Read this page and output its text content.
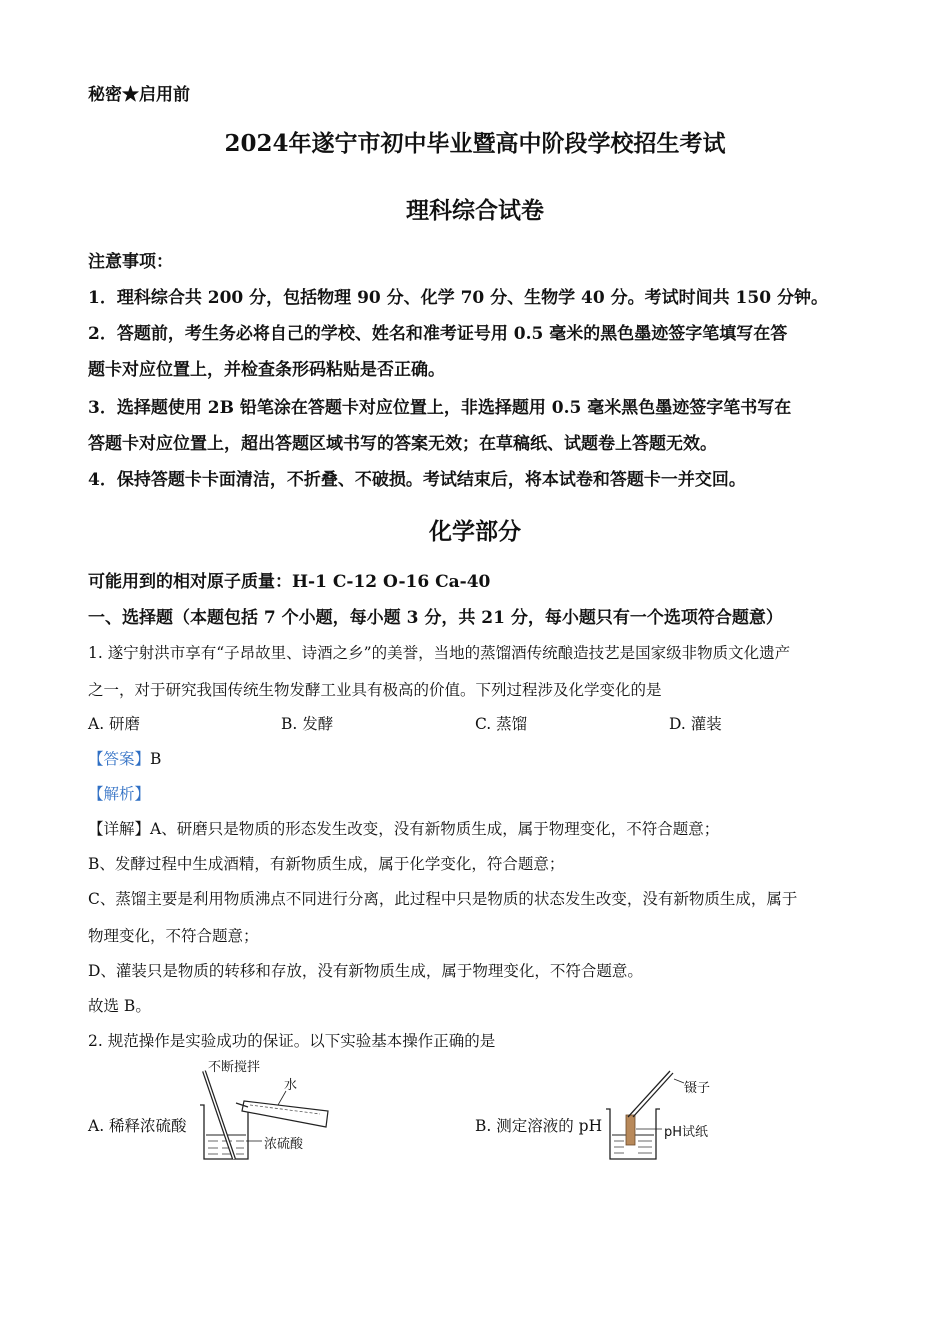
秘密★启用前
2024年遂宁市初中毕业暨高中阶段学校招生考试
理科综合试卷
注意事项：
1．理科综合共 200 分，包括物理 90 分、化学 70 分、生物学 40 分。考试时间共 150 分钟。
2．答题前，考生务必将自己的学校、姓名和准考证号用 0.5 毫米的黑色墨迹签字笔填写在答
题卡对应位置上，并检查条形码粘贴是否正确。
3．选择题使用 2B 铅笔涂在答题卡对应位置上，非选择题用 0.5 毫米黑色墨迹签字笔书写在
答题卡对应位置上，超出答题区域书写的答案无效；在草稿纸、试题卷上答题无效。
4．保持答题卡卡面清洁，不折叠、不破损。考试结束后，将本试卷和答题卡一并交回。
化学部分
可能用到的相对原子质量：H-1 C-12 O-16 Ca-40
一、选择题（本题包括 7 个小题，每小题 3 分，共 21 分，每小题只有一个选项符合题意）
1. 遂宁射洪市享有“子昂故里、诗酒之乡”的美誉，当地的蒸馏酒传统酿造技艺是国家级非物质文化遗产
之一，对于研究我国传统生物发酵工业具有极高的价值。下列过程涉及化学变化的是
A. 研磨	B. 发酵	C. 蒸馏	D. 灌装
【答案】B
【解析】
【详解】A、研磨只是物质的形态发生改变，没有新物质生成，属于物理变化，不符合题意；
B、发酵过程中生成酒精，有新物质生成，属于化学变化，符合题意；
C、蒸馏主要是利用物质沸点不同进行分离，此过程中只是物质的状态发生改变，没有新物质生成，属于
物理变化，不符合题意；
D、灌装只是物质的转移和存放，没有新物质生成，属于物理变化，不符合题意。
故选 B。
2. 规范操作是实验成功的保证。以下实验基本操作正确的是
A. 稀释浓硫酸	B. 测定溶液的 pH
不断搅拌
水
浓硫酸
镊子
pH试纸
